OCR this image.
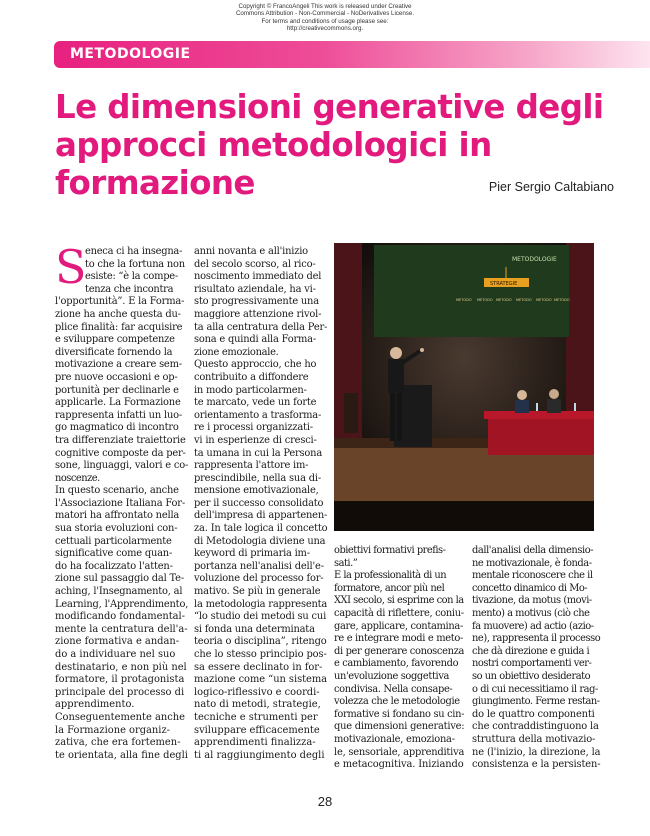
Copyright © FrancoAngeli This work is released under Creative
Commons Attribution - Non-Commercial - NoDerivatives License.
For terms and conditions of usage please see:
http://creativecommons.org.
METODOLOGIE
Le dimensioni generative degli
approcci metodologici in
formazione	Pier Sergio Caltabiano
S
eneca ci ha insegna-
to che la fortuna non
esiste: “è la compe-
tenza che incontra
l'opportunità”. E la Forma-
zione ha anche questa du-
plice finalità: far acquisire
e sviluppare competenze
diversificate fornendo la
motivazione a creare sem-
pre nuove occasioni e op-
portunità per declinarle e
applicarle. La Formazione
rappresenta infatti un luo-
go magmatico di incontro
tra differenziate traiettorie
cognitive composte da per-
sone, linguaggi, valori e co-
noscenze.
In questo scenario, anche
l'Associazione Italiana For-
matori ha affrontato nella
sua storia evoluzioni con-
cettuali particolarmente
significative come quan-
do ha focalizzato l'atten-
zione sul passaggio dal Te-
aching, l'Insegnamento, al
Learning, l'Apprendimento,
modificando fondamental-
mente la centratura dell'a-
zione formativa e andan-
do a individuare nel suo
destinatario, e non più nel
formatore, il protagonista
principale del processo di
apprendimento.
Conseguentemente anche
la Formazione organiz-
zativa, che era fortemen-
te orientata, alla fine degli
anni novanta e all'inizio
del secolo scorso, al rico-
noscimento immediato del
risultato aziendale, ha vi-
sto progressivamente una
maggiore attenzione rivol-
ta alla centratura della Per-
sona e quindi alla Forma-
zione emozionale.
Questo approccio, che ho
contribuito a diffondere
in modo particolarmen-
te marcato, vede un forte
orientamento a trasforma-
re i processi organizzati-
vi in esperienze di cresci-
ta umana in cui la Persona
rappresenta l'attore im-
prescindibile, nella sua di-
mensione emotivazionale,
per il successo consolidato
dell'impresa di appartenen-
za. In tale logica il concetto
di Metodologia diviene una
keyword di primaria im-
portanza nell'analisi dell'e-
voluzione del processo for-
mativo. Se più in generale
la metodologia rappresenta
“lo studio dei metodi su cui
si fonda una determinata
teoria o disciplina”, ritengo
che lo stesso principio pos-
sa essere declinato in for-
mazione come “un sistema
logico-riflessivo e coordi-
nato di metodi, strategie,
tecniche e strumenti per
sviluppare efficacemente
apprendimenti finalizza-
ti al raggiungimento degli
METODOLOGIE
STRATEGIE
METODO METODO METODO METODO METODO METODO
obiettivi formativi prefis-
sati.”
E la professionalità di un
formatore, ancor più nel
XXI secolo, si esprime con la
capacità di riflettere, coniu-
gare, applicare, contamina-
re e integrare modi e meto-
di per generare conoscenza
e cambiamento, favorendo
un'evoluzione soggettiva
condivisa. Nella consape-
volezza che le metodologie
formative si fondano su cin-
que dimensioni generative:
motivazionale, emoziona-
le, sensoriale, apprenditiva
e metacognitiva. Iniziando
dall'analisi della dimensio-
ne motivazionale, è fonda-
mentale riconoscere che il
concetto dinamico di Mo-
tivazione, da motus (movi-
mento) a motivus (ciò che
fa muovere) ad actio (azio-
ne), rappresenta il processo
che dà direzione e guida i
nostri comportamenti ver-
so un obiettivo desiderato
o di cui necessitiamo il rag-
giungimento. Ferme restan-
do le quattro componenti
che contraddistinguono la
struttura della motivazio-
ne (l'inizio, la direzione, la
consistenza e la persisten-
28
